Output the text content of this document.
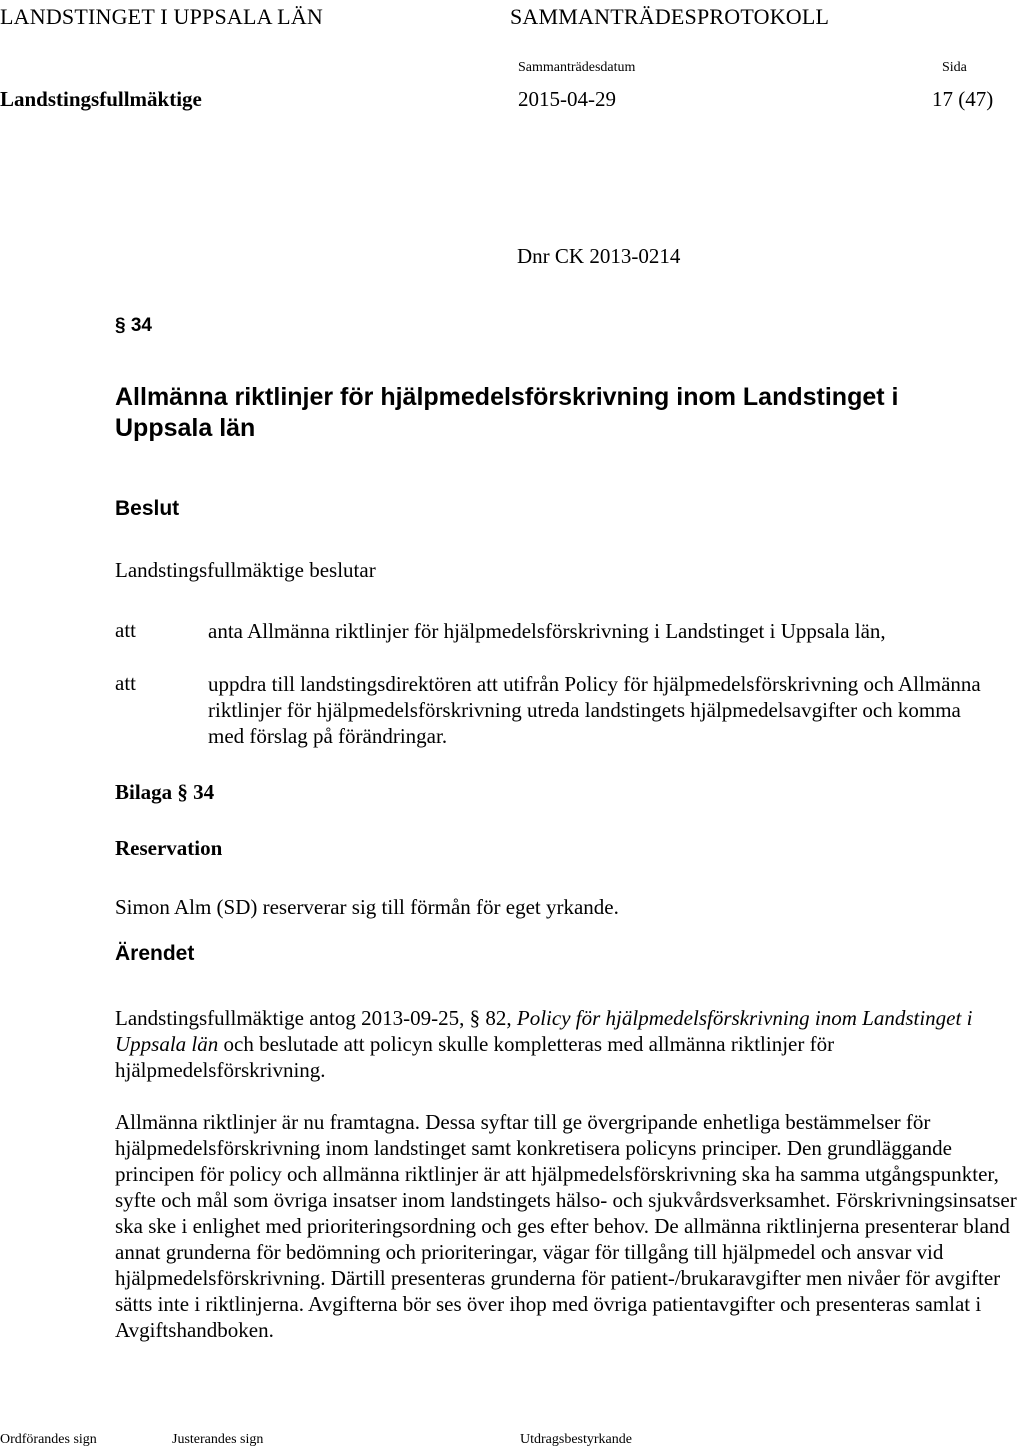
LANDSTINGET I UPPSALA LÄN	SAMMANTRÄDESPROTOKOLL
Sammanträdesdatum	Sida
Landstingsfullmäktige	2015-04-29	17 (47)
Dnr CK 2013-0214
§ 34
Allmänna riktlinjer för hjälpmedelsförskrivning inom Landstinget i
Uppsala län
Beslut
Landstingsfullmäktige beslutar
att	anta Allmänna riktlinjer för hjälpmedelsförskrivning i Landstinget i Uppsala län,
att	uppdra till landstingsdirektören att utifrån Policy för hjälpmedelsförskrivning och Allmänna riktlinjer för hjälpmedelsförskrivning utreda landstingets hjälpmedelsavgifter och komma med förslag på förändringar.
Bilaga § 34
Reservation
Simon Alm (SD) reserverar sig till förmån för eget yrkande.
Ärendet
Landstingsfullmäktige antog 2013-09-25, § 82, Policy för hjälpmedelsförskrivning inom Landstinget i Uppsala län och beslutade att policyn skulle kompletteras med allmänna riktlinjer för hjälpmedelsförskrivning.
Allmänna riktlinjer är nu framtagna. Dessa syftar till ge övergripande enhetliga bestämmelser för hjälpmedelsförskrivning inom landstinget samt konkretisera policyns principer. Den grundläggande principen för policy och allmänna riktlinjer är att hjälpmedelsförskrivning ska ha samma utgångspunkter, syfte och mål som övriga insatser inom landstingets hälso- och sjukvårdsverksamhet. Förskrivningsinsatser ska ske i enlighet med prioriteringsordning och ges efter behov. De allmänna riktlinjerna presenterar bland annat grunderna för bedömning och prioriteringar, vägar för tillgång till hjälpmedel och ansvar vid hjälpmedelsförskrivning. Därtill presenteras grunderna för patient-/brukaravgifter men nivåer för avgifter sätts inte i riktlinjerna. Avgifterna bör ses över ihop med övriga patientavgifter och presenteras samlat i Avgiftshandboken.
Ordförandes sign	Justerandes sign	Utdragsbestyrkande
